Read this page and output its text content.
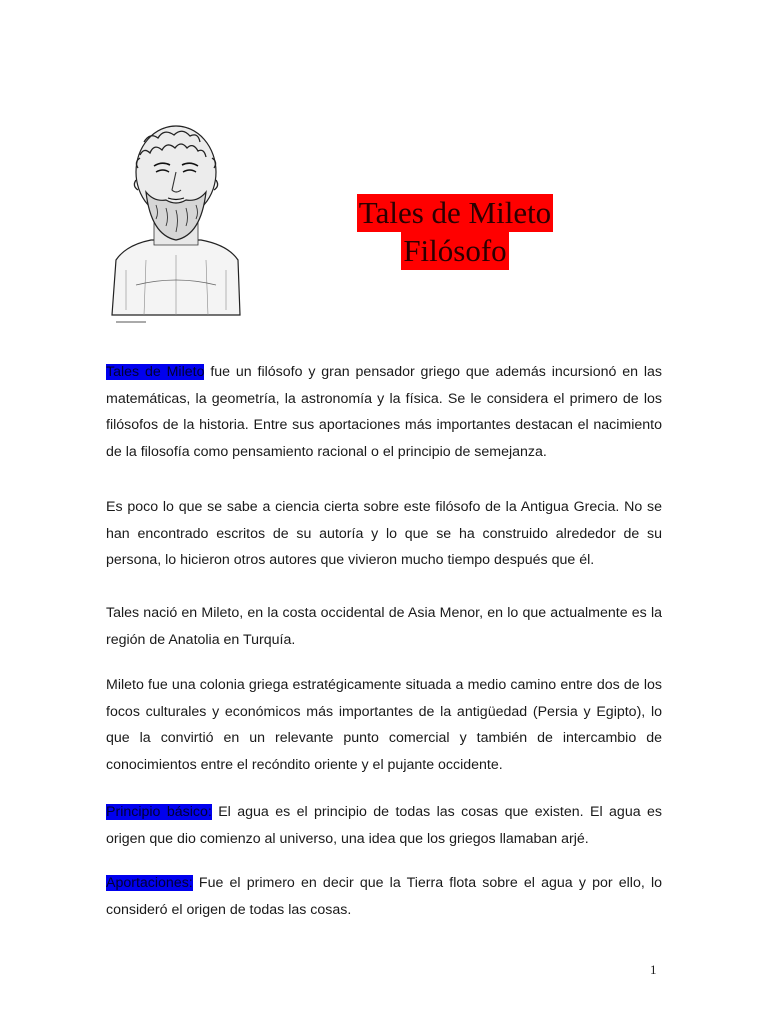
Tales de Mileto
Filósofo

Tales de Mileto fue un filósofo y gran pensador griego que además incursionó en las matemáticas, la geometría, la astronomía y la física. Se le considera el primero de los filósofos de la historia. Entre sus aportaciones más importantes destacan el nacimiento de la filosofía como pensamiento racional o el principio de semejanza.

Es poco lo que se sabe a ciencia cierta sobre este filósofo de la Antigua Grecia. No se han encontrado escritos de su autoría y lo que se ha construido alrededor de su persona, lo hicieron otros autores que vivieron mucho tiempo después que él.

Tales nació en Mileto, en la costa occidental de Asia Menor, en lo que actualmente es la región de Anatolia en Turquía.

Mileto fue una colonia griega estratégicamente situada a medio camino entre dos de los focos culturales y económicos más importantes de la antigüedad (Persia y Egipto), lo que la convirtió en un relevante punto comercial y también de intercambio de conocimientos entre el recóndito oriente y el pujante occidente.

Principio básico: El agua es el principio de todas las cosas que existen. El agua es origen que dio comienzo al universo, una idea que los griegos llamaban arjé.

Aportaciones: Fue el primero en decir que la Tierra flota sobre el agua y por ello, lo consideró el origen de todas las cosas.

1
